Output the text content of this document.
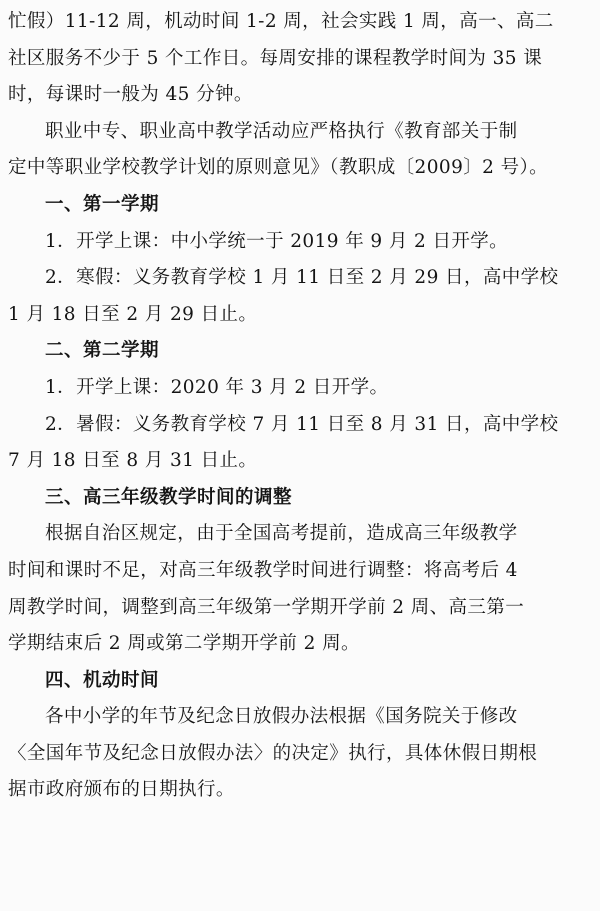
忙假）11-12 周，机动时间 1-2 周，社会实践 1 周，高一、高二
社区服务不少于 5 个工作日。每周安排的课程教学时间为 35 课
时，每课时一般为 45 分钟。

职业中专、职业高中教学活动应严格执行《教育部关于制
定中等职业学校教学计划的原则意见》（教职成〔2009〕2 号）。

一、第一学期

1．开学上课：中小学统一于 2019 年 9 月 2 日开学。

2．寒假：义务教育学校 1 月 11 日至 2 月 29 日，高中学校
1 月 18 日至 2 月 29 日止。

二、第二学期

1．开学上课：2020 年 3 月 2 日开学。

2．暑假：义务教育学校 7 月 11 日至 8 月 31 日，高中学校
7 月 18 日至 8 月 31 日止。

三、高三年级教学时间的调整

根据自治区规定，由于全国高考提前，造成高三年级教学
时间和课时不足，对高三年级教学时间进行调整：将高考后 4
周教学时间，调整到高三年级第一学期开学前 2 周、高三第一
学期结束后 2 周或第二学期开学前 2 周。

四、机动时间

各中小学的年节及纪念日放假办法根据《国务院关于修改
〈全国年节及纪念日放假办法〉的决定》执行，具体休假日期根
据市政府颁布的日期执行。
